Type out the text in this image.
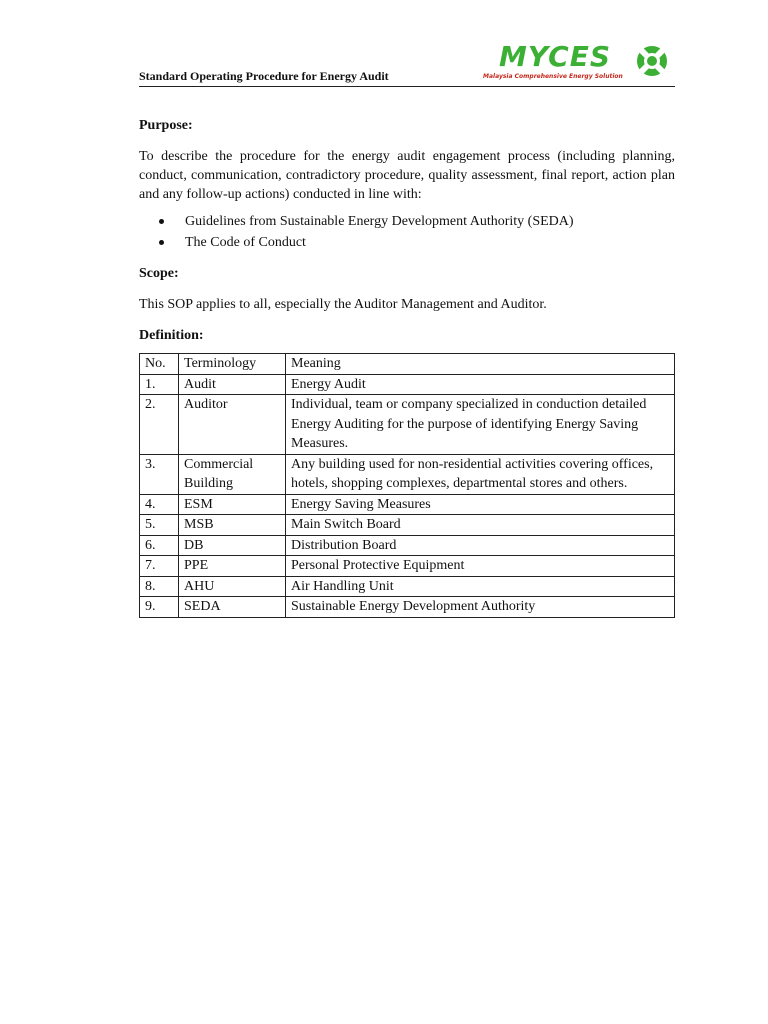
Standard Operating Procedure for Energy Audit
MYCES
Malaysia Comprehensive Energy Solution

Purpose:

To describe the procedure for the energy audit engagement process (including planning, conduct, communication, contradictory procedure, quality assessment, final report, action plan and any follow-up actions) conducted in line with:

Guidelines from Sustainable Energy Development Authority (SEDA)
The Code of Conduct

Scope:

This SOP applies to all, especially the Auditor Management and Auditor.

Definition:

No.	Terminology	Meaning
1.	Audit	Energy Audit
2.	Auditor	Individual, team or company specialized in conduction detailed Energy Auditing for the purpose of identifying Energy Saving Measures.
3.	Commercial Building	Any building used for non-residential activities covering offices, hotels, shopping complexes, departmental stores and others.
4.	ESM	Energy Saving Measures
5.	MSB	Main Switch Board
6.	DB	Distribution Board
7.	PPE	Personal Protective Equipment
8.	AHU	Air Handling Unit
9.	SEDA	Sustainable Energy Development Authority
